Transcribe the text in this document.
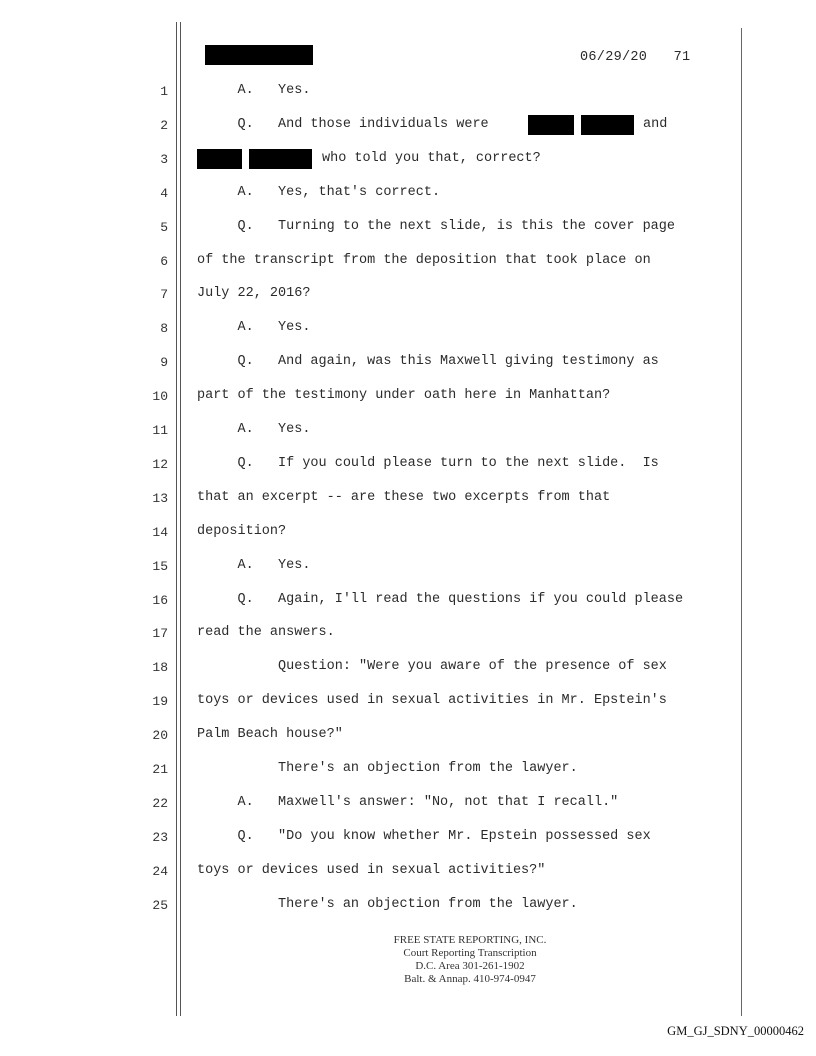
06/29/20 71
1 A.   Yes.
2 Q.   And those individuals were
3
4 A.   Yes, that's correct.
5 Q.   Turning to the next slide, is this the cover page
6 of the transcript from the deposition that took place on
7 July 22, 2016?
8 A.   Yes.
9 Q.   And again, was this Maxwell giving testimony as
10 part of the testimony under oath here in Manhattan?
11 A.   Yes.
12 Q.   If you could please turn to the next slide.  Is
13 that an excerpt -- are these two excerpts from that
14 deposition?
15 A.   Yes.
16 Q.   Again, I'll read the questions if you could please
17 read the answers.
18 Question: "Were you aware of the presence of sex
19 toys or devices used in sexual activities in Mr. Epstein's
20 Palm Beach house?"
21 There's an objection from the lawyer.
22 A.   Maxwell's answer: "No, not that I recall."
23 Q.   "Do you know whether Mr. Epstein possessed sex
24 toys or devices used in sexual activities?"
25 There's an objection from the lawyer.
and
who told you that, correct?
FREE STATE REPORTING, INC.
Court Reporting Transcription
D.C. Area 301-261-1902
Balt. & Annap. 410-974-0947
GM_GJ_SDNY_00000462
